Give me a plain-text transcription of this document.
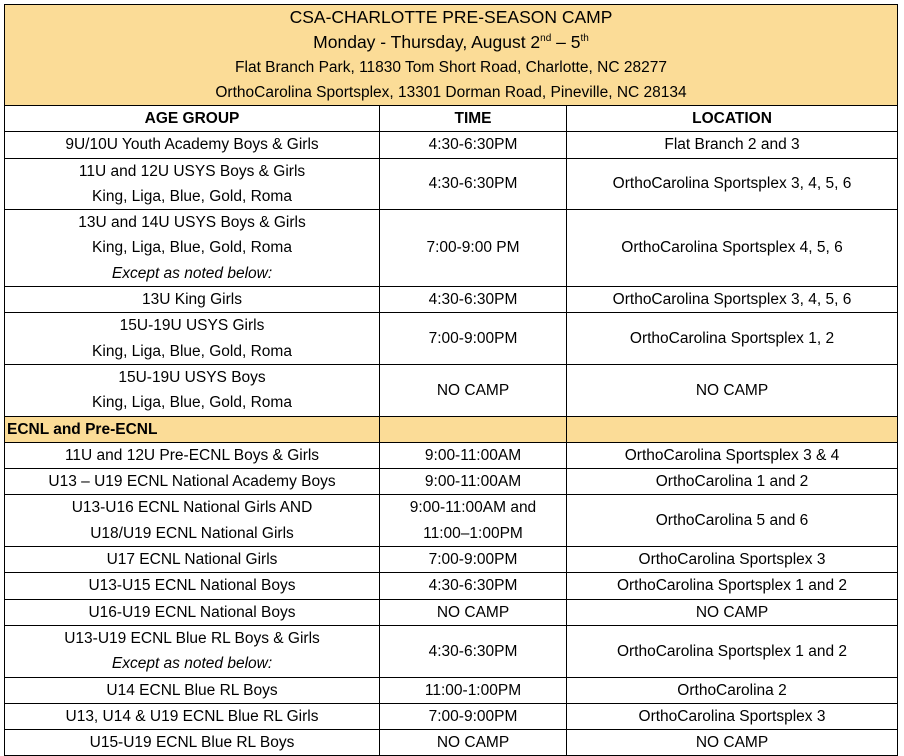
CSA-CHARLOTTE PRE-SEASON CAMP
Monday - Thursday, August 2nd – 5th
Flat Branch Park, 11830 Tom Short Road, Charlotte, NC 28277
OrthoCarolina Sportsplex, 13301 Dorman Road, Pineville, NC 28134		

AGE GROUP	TIME	LOCATION

9U/10U Youth Academy Boys & Girls	4:30-6:30PM	Flat Branch 2 and 3

11U and 12U USYS Boys & Girls
King, Liga, Blue, Gold, Roma	4:30-6:30PM	OrthoCarolina Sportsplex 3, 4, 5, 6

13U and 14U USYS Boys & Girls
King, Liga, Blue, Gold, Roma
Except as noted below:	7:00-9:00 PM	OrthoCarolina Sportsplex 4, 5, 6

13U King Girls	4:30-6:30PM	OrthoCarolina Sportsplex 3, 4, 5, 6

15U-19U USYS Girls
King, Liga, Blue, Gold, Roma	7:00-9:00PM	OrthoCarolina Sportsplex 1, 2

15U-19U USYS Boys
King, Liga, Blue, Gold, Roma	NO CAMP	NO CAMP
ECNL and Pre-ECNL		

11U and 12U Pre-ECNL Boys & Girls	9:00-11:00AM	OrthoCarolina Sportsplex 3 & 4

U13 – U19 ECNL National Academy Boys	9:00-11:00AM	OrthoCarolina 1 and 2

U13-U16 ECNL National Girls AND
U18/U19 ECNL National Girls	9:00-11:00AM and
11:00–1:00PM	OrthoCarolina 5 and 6

U17 ECNL National Girls	7:00-9:00PM	OrthoCarolina Sportsplex 3

U13-U15 ECNL National Boys	4:30-6:30PM	OrthoCarolina Sportsplex 1 and 2

U16-U19 ECNL National Boys	NO CAMP	NO CAMP

U13-U19 ECNL Blue RL Boys & Girls
Except as noted below:	4:30-6:30PM	OrthoCarolina Sportsplex 1 and 2

U14 ECNL Blue RL Boys	11:00-1:00PM	OrthoCarolina 2

U13, U14 & U19 ECNL Blue RL Girls	7:00-9:00PM	OrthoCarolina Sportsplex 3

U15-U19 ECNL Blue RL Boys	NO CAMP	NO CAMP
